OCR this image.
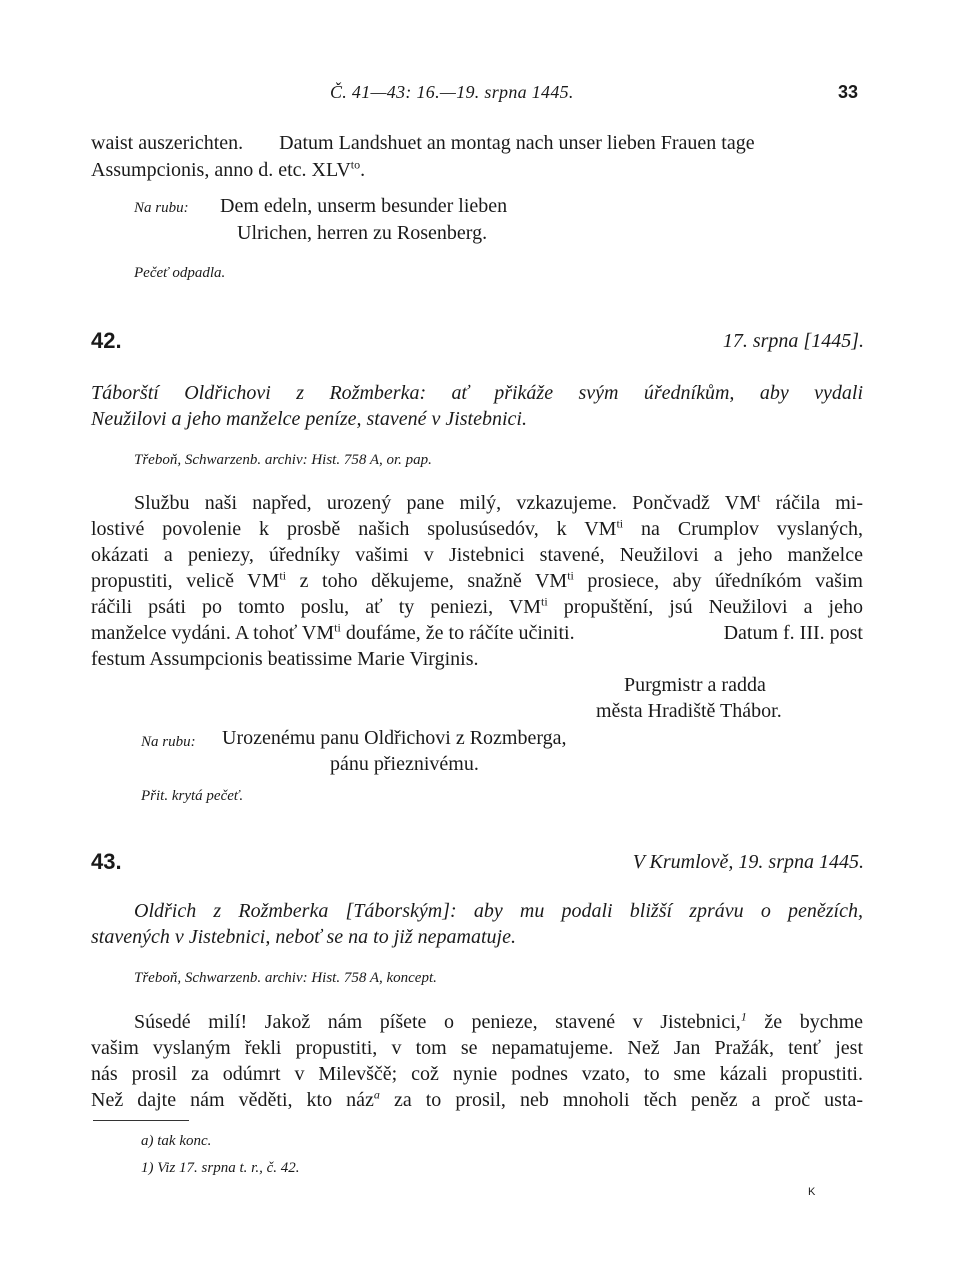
Č. 41—43: 16.—19. srpna 1445.	33
waist auszerichten. Datum Landshuet an montag nach unser lieben Frauen tage
Assumpcionis, anno d. etc. $XLV^{to}$.
Na rubu: Dem edeln, unserm besunder lieben
Ulrichen, herren zu Rosenberg.
Pečeť odpadla.
42.	17. srpna [1445].
Táborští Oldřichovi z Rožmberka: ať přikáže svým úředníkům, aby vydali
Neužilovi a jeho manželce peníze, stavené v Jistebnici.
Třeboň, Schwarzenb. archiv: Hist. 758 A, or. pap.
Službu naši napřed, urozený pane milý, vzkazujeme. Pončvadž $VM^t$ ráčila mi-
lostivé povolenie k prosbě našich spolusúsedóv, k $VM^{ti}$ na Crumplov vyslaných,
okázati a peniezy, úředníky vašimi v Jistebnici stavené, Neužilovi a jeho manželce
propustiti, velicě $VM^{ti}$ z toho děkujeme, snažně $VM^{ti}$ prosiece, aby úředníkóm vašim
ráčili psáti po tomto poslu, ať ty peniezi, $VM^{ti}$ propuštění, jsú Neužilovi a jeho
manželce vydáni. A tohoť $VM^{ti}$ doufáme, že to ráčíte učiniti.	Datum f. III. post
festum Assumpcionis beatissime Marie Virginis.
Purgmistr a radda
města Hradiště Thábor.
Na rubu: Urozenému panu Oldřichovi z Rozmberga,
pánu přieznivému.
Přit. krytá pečeť.
43.	V Krumlově, 19. srpna 1445.
Oldřich z Rožmberka [Táborským]: aby mu podali bližší zprávu o penězích,
stavených v Jistebnici, neboť se na to již nepamatuje.
Třeboň, Schwarzenb. archiv: Hist. 758 A, koncept.
Súsedé milí! Jakož nám píšete o penieze, stavené v Jistebnici,$^1$ že bychme
vašim vyslaným řekli propustiti, v tom se nepamatujeme. Než Jan Pražák, tenť jest
nás prosil za odúmrt v Milevščě; což nynie podnes vzato, to sme kázali propustiti.
Než dajte nám věděti, kto náz$^a$ za to prosil, neb mnoholi těch peněz a proč usta-
a) tak konc.
1) Viz 17. srpna t. r., č. 42.
K
